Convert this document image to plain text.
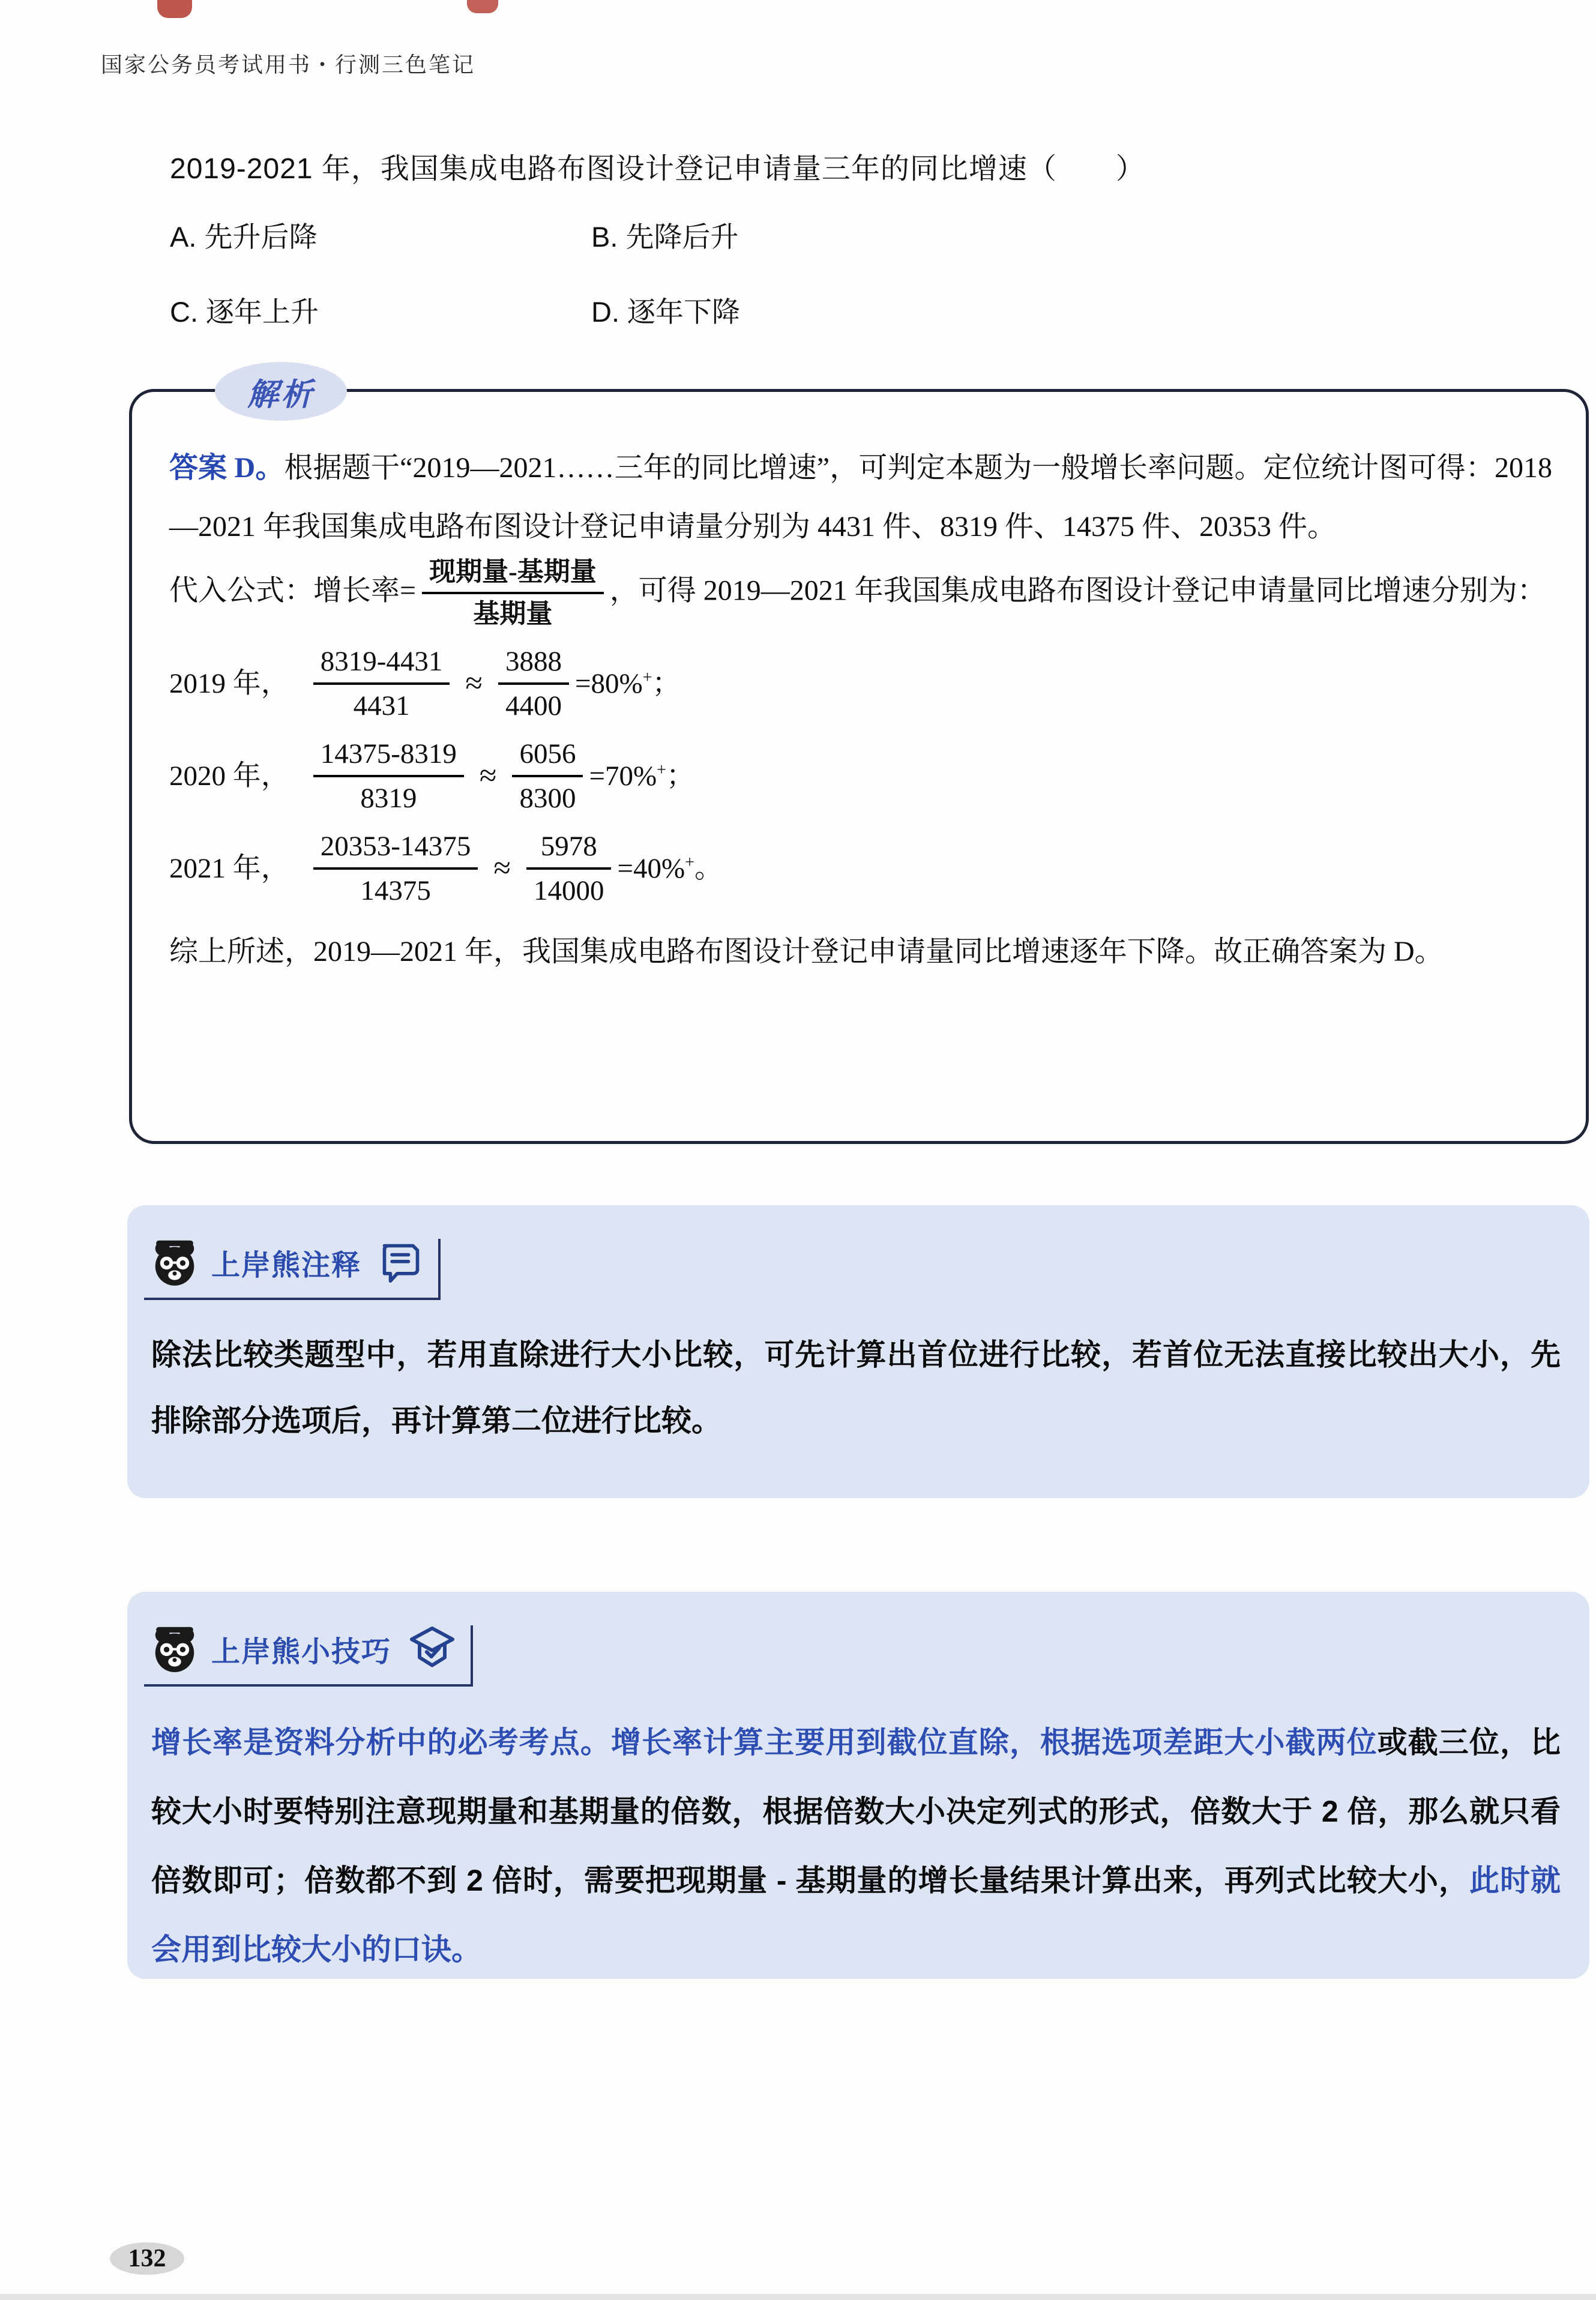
国家公务员考试用书・行测三色笔记
2019-2021 年，我国集成电路布图设计登记申请量三年的同比增速（　　）
A. 先升后降	B. 先降后升
C. 逐年上升	D. 逐年下降
解析

答案 D。根据题干“2019—2021……三年的同比增速”，可判定本题为一般增长率问题。定位统计图可得：2018—2021 年我国集成电路布图设计登记申请量分别为 4431 件、8319 件、14375 件、20353 件。

代入公式：增长率= $\frac{\text{现期量-基期量}}{\text{基期量}}$ ，可得 2019—2021 年我国集成电路布图设计登记申请量同比增速分别为：

2019 年， $\frac{8319-4431}{4431} \approx \frac{3888}{4400} =80\%^+$；
2020 年， $\frac{14375-8319}{8319} \approx \frac{6056}{8300} =70\%^+$；
2021 年， $\frac{20353-14375}{14375} \approx \frac{5978}{14000} =40\%^+$。

综上所述，2019—2021 年，我国集成电路布图设计登记申请量同比增速逐年下降。故正确答案为 D。

上岸熊注释

除法比较类题型中，若用直除进行大小比较，可先计算出首位进行比较，若首位无法直接比较出大小，先排除部分选项后，再计算第二位进行比较。

上岸熊小技巧

增长率是资料分析中的必考考点。增长率计算主要用到截位直除，根据选项差距大小截两位或截三位，比较大小时要特别注意现期量和基期量的倍数，根据倍数大小决定列式的形式，倍数大于 2 倍，那么就只看倍数即可；倍数都不到 2 倍时，需要把现期量 - 基期量的增长量结果计算出来，再列式比较大小，此时就会用到比较大小的口诀。

132
